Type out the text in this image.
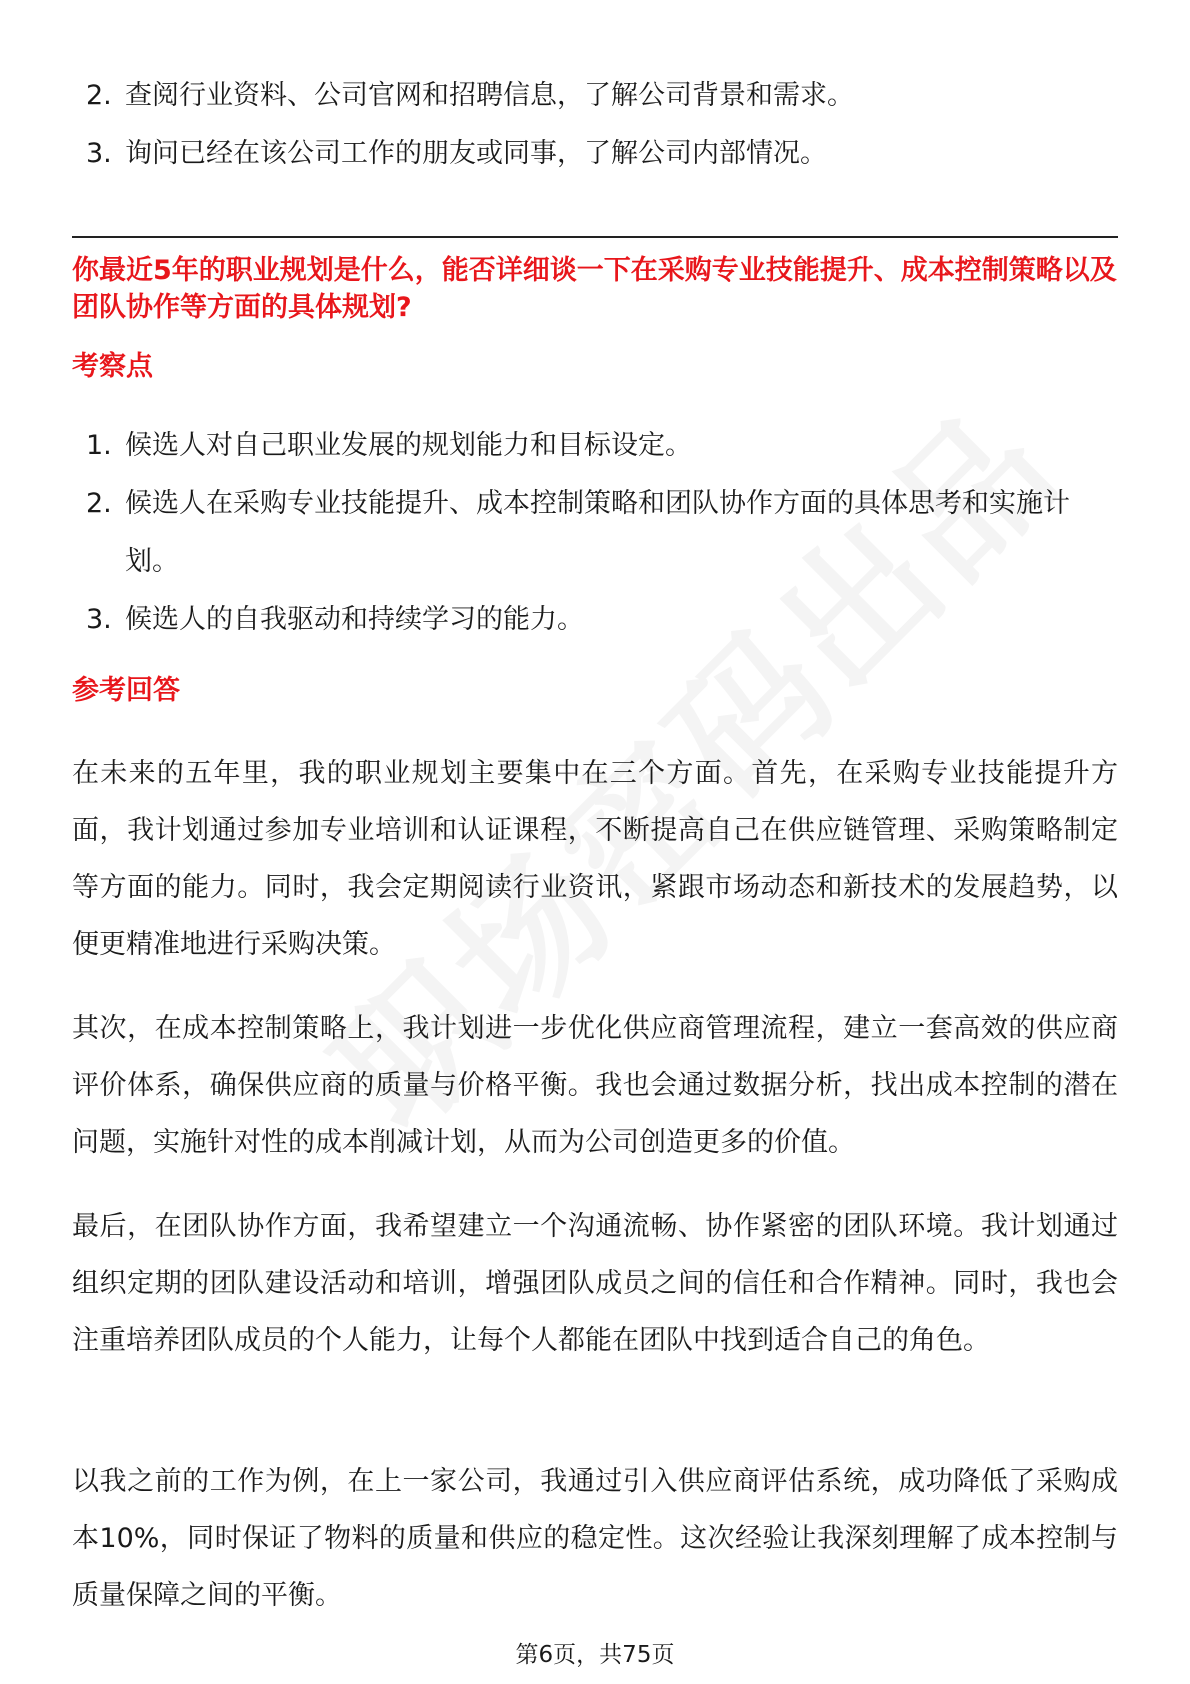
2. 查阅行业资料、公司官网和招聘信息，了解公司背景和需求。
3. 询问已经在该公司工作的朋友或同事，了解公司内部情况。
你最近5年的职业规划是什么，能否详细谈一下在采购专业技能提升、成本控制策略以及团队协作等方面的具体规划?
考察点
1. 候选人对自己职业发展的规划能力和目标设定。
2. 候选人在采购专业技能提升、成本控制策略和团队协作方面的具体思考和实施计划。
3. 候选人的自我驱动和持续学习的能力。
参考回答

在未来的五年里，我的职业规划主要集中在三个方面。首先，在采购专业技能提升方面，我计划通过参加专业培训和认证课程，不断提高自己在供应链管理、采购策略制定等方面的能力。同时，我会定期阅读行业资讯，紧跟市场动态和新技术的发展趋势，以便更精准地进行采购决策。

其次，在成本控制策略上，我计划进一步优化供应商管理流程，建立一套高效的供应商评价体系，确保供应商的质量与价格平衡。我也会通过数据分析，找出成本控制的潜在问题，实施针对性的成本削减计划，从而为公司创造更多的价值。

最后，在团队协作方面，我希望建立一个沟通流畅、协作紧密的团队环境。我计划通过组织定期的团队建设活动和培训，增强团队成员之间的信任和合作精神。同时，我也会注重培养团队成员的个人能力，让每个人都能在团队中找到适合自己的角色。

以我之前的工作为例，在上一家公司，我通过引入供应商评估系统，成功降低了采购成本10%，同时保证了物料的质量和供应的稳定性。这次经验让我深刻理解了成本控制与质量保障之间的平衡。

第6页，共75页
